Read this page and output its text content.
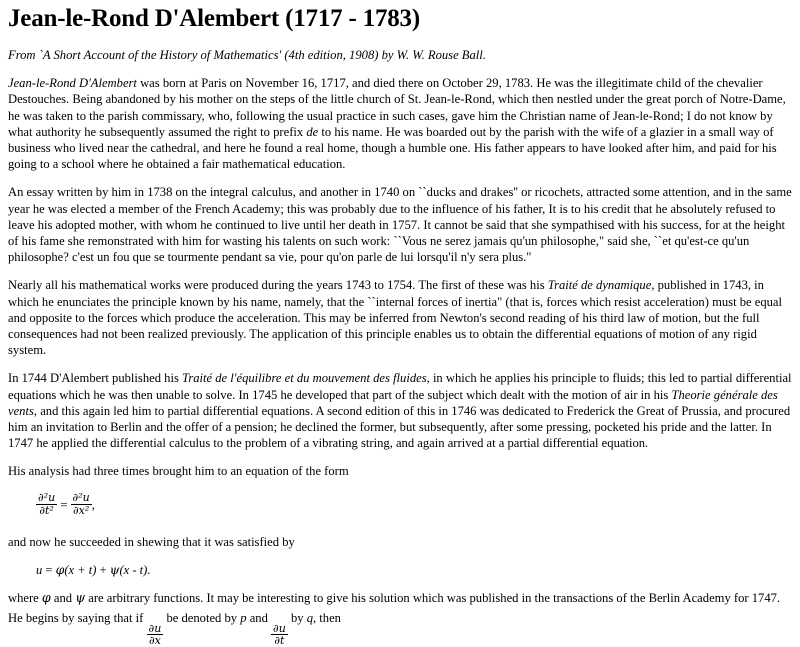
Jean-le-Rond D'Alembert (1717 - 1783)

From `A Short Account of the History of Mathematics' (4th edition, 1908) by W. W. Rouse Ball.

Jean-le-Rond D'Alembert was born at Paris on November 16, 1717, and died there on October 29, 1783. He was the illegitimate child of the chevalier Destouches. Being abandoned by his mother on the steps of the little church of St. Jean-le-Rond, which then nestled under the great porch of Notre-Dame, he was taken to the parish commissary, who, following the usual practice in such cases, gave him the Christian name of Jean-le-Rond; I do not know by what authority he subsequently assumed the right to prefix de to his name. He was boarded out by the parish with the wife of a glazier in a small way of business who lived near the cathedral, and here he found a real home, though a humble one. His father appears to have looked after him, and paid for his going to a school where he obtained a fair mathematical education.

An essay written by him in 1738 on the integral calculus, and another in 1740 on ``ducks and drakes'' or ricochets, attracted some attention, and in the same year he was elected a member of the French Academy; this was probably due to the influence of his father, It is to his credit that he absolutely refused to leave his adopted mother, with whom he continued to live until her death in 1757. It cannot be said that she sympathised with his success, for at the height of his fame she remonstrated with him for wasting his talents on such work: ``Vous ne serez jamais qu'un philosophe," said she, ``et qu'est-ce qu'un philosophe? c'est un fou que se tourmente pendant sa vie, pour qu'on parle de lui lorsqu'il n'y sera plus."

Nearly all his mathematical works were produced during the years 1743 to 1754. The first of these was his Traité de dynamique, published in 1743, in which he enunciates the principle known by his name, namely, that the ``internal forces of inertia" (that is, forces which resist acceleration) must be equal and opposite to the forces which produce the acceleration. This may be inferred from Newton's second reading of his third law of motion, but the full consequences had not been realized previously. The application of this principle enables us to obtain the differential equations of motion of any rigid system.

In 1744 D'Alembert published his Traité de l'équilibre et du mouvement des fluides, in which he applies his principle to fluids; this led to partial differential equations which he was then unable to solve. In 1745 he developed that part of the subject which dealt with the motion of air in his Theorie générale des vents, and this again led him to partial differential equations. A second edition of this in 1746 was dedicated to Frederick the Great of Prussia, and procured him an invitation to Berlin and the offer of a pension; he declined the former, but subsequently, after some pressing, pocketed his pride and the latter. In 1747 he applied the differential calculus to the problem of a vibrating string, and again arrived at a partial differential equation.

His analysis had three times brought him to an equation of the form

$\frac{\text{∂²u}}{\text{∂t²}} = \frac{\text{∂²u}}{\text{∂x²}}$ ,

and now he succeeded in shewing that it was satisfied by

u = φ(x + t) + ψ(x - t).

where φ and ψ are arbitrary functions. It may be interesting to give his solution which was published in the transactions of the Berlin Academy for 1747.

He begins by saying that if
$\frac{\partial u}{\partial x}$
be denoted by p and
$\frac{\partial u}{\partial t}$
by q, then
